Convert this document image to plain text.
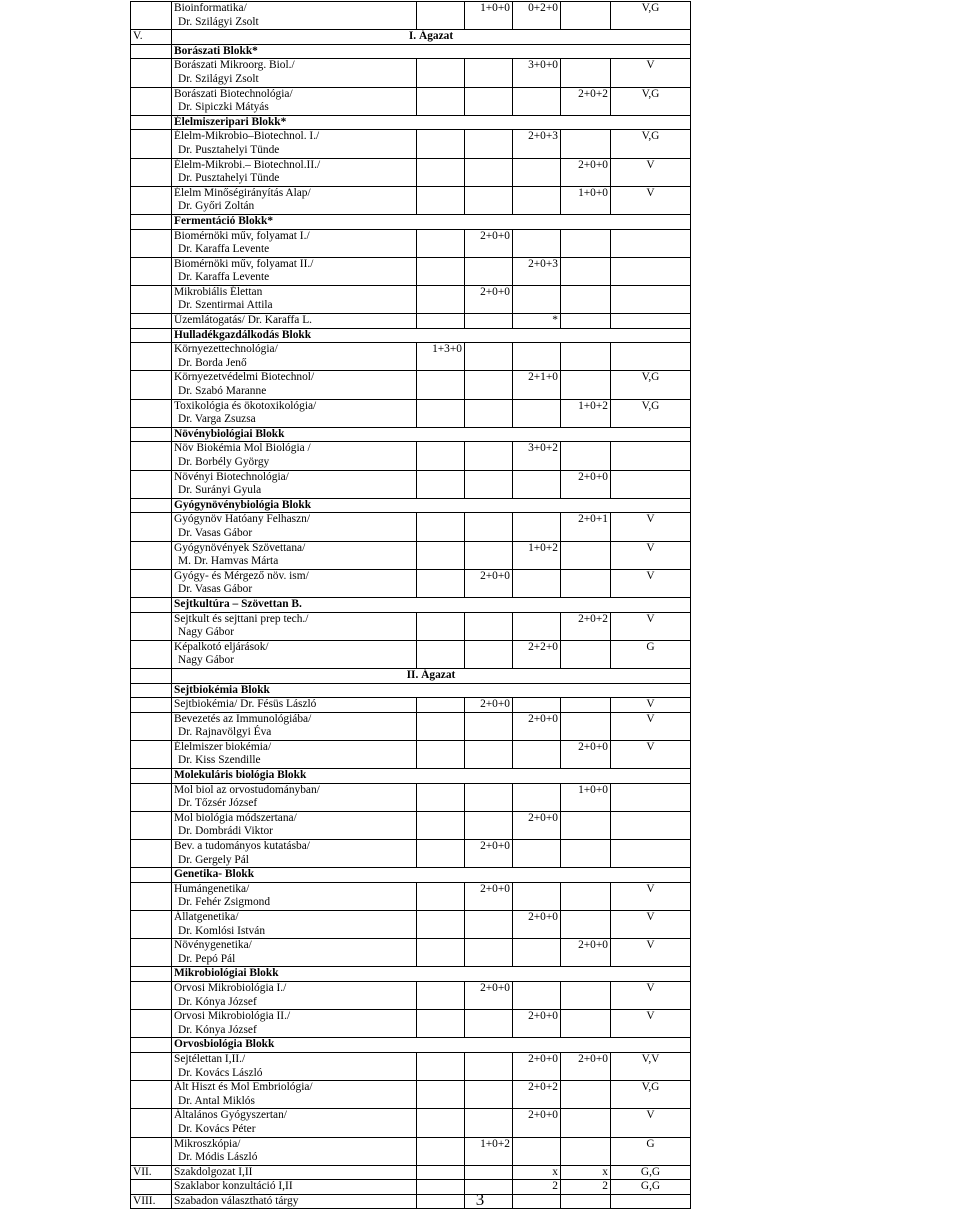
	Bioinformatika/
Dr. Szilágyi Zsolt		1+0+0	0+2+0		V,G	
V.	I. Ágazat						
	Borászati Blokk*						
	Borászati Mikroorg. Biol./
Dr. Szilágyi Zsolt			3+0+0		V	
	Borászati Biotechnológia/
Dr. Sipiczki Mátyás				2+0+2	V,G	
	Élelmiszeripari Blokk*						
	Élelm-Mikrobio–Biotechnol. I./
Dr. Pusztahelyi Tünde			2+0+3		V,G	
	Élelm-Mikrobi.– Biotechnol.II./
Dr. Pusztahelyi Tünde				2+0+0	V	
	Élelm Minőségirányítás Alap/
Dr. Győri Zoltán				1+0+0	V	
	Fermentáció Blokk*						
	Biomérnöki műv, folyamat I./
Dr. Karaffa Levente		2+0+0				
	Biomérnöki műv, folyamat II./
Dr. Karaffa Levente			2+0+3			
	Mikrobiális Élettan
Dr. Szentirmai Attila		2+0+0				
	Üzemlátogatás/ Dr. Karaffa L.			*			
	Hulladékgazdálkodás Blokk						
	Környezettechnológia/
Dr. Borda Jenő	1+3+0					
	Környezetvédelmi Biotechnol/
Dr. Szabó Maranne			2+1+0		V,G	
	Toxikológia és ökotoxikológia/
Dr. Varga Zsuzsa				1+0+2	V,G	
	Növénybiológiai Blokk						
	Növ Biokémia Mol Biológia /
Dr. Borbély György			3+0+2			
	Növényi Biotechnológia/
Dr. Surányi Gyula				2+0+0		
	Gyógynövénybiológia Blokk						
	Gyógynöv Hatóany Felhaszn/
Dr. Vasas Gábor				2+0+1	V	
	Gyógynövények Szövettana/
M. Dr. Hamvas Márta			1+0+2		V	
	Gyógy- és Mérgező növ. ism/
Dr. Vasas Gábor		2+0+0			V	
	Sejtkultúra – Szövettan B.						
	Sejtkult és sejttani prep tech./
Nagy Gábor				2+0+2	V	
	Képalkotó eljárások/
Nagy Gábor			2+2+0		G	
	II. Ágazat						
	Sejtbiokémia Blokk						
	Sejtbiokémia/ Dr. Fésüs László		2+0+0			V	
	Bevezetés az Immunológiába/
Dr. Rajnavölgyi Éva			2+0+0		V	
	Élelmiszer biokémia/
Dr. Kiss Szendille				2+0+0	V	
	Molekuláris biológia Blokk						
	Mol biol az orvostudományban/
Dr. Tőzsér József				1+0+0		
	Mol biológia módszertana/
Dr. Dombrádi Viktor			2+0+0			
	Bev. a tudományos kutatásba/
Dr. Gergely Pál		2+0+0				
	Genetika- Blokk						
	Humángenetika/
Dr. Fehér Zsigmond		2+0+0			V	
	Állatgenetika/
Dr. Komlósi István			2+0+0		V	
	Növénygenetika/
Dr. Pepó Pál				2+0+0	V	
	Mikrobiológiai Blokk						
	Orvosi Mikrobiológia I./
Dr. Kónya József		2+0+0			V	
	Orvosi Mikrobiológia II./
Dr. Kónya József			2+0+0		V	
	Orvosbiológia Blokk						
	Sejtélettan I,II./
Dr. Kovács László			2+0+0	2+0+0	V,V	
	Ált Hiszt és Mol Embriológia/
Dr. Antal Miklós			2+0+2		V,G	
	Általános Gyógyszertan/
Dr. Kovács Péter			2+0+0		V	
	Mikroszkópia/
Dr. Módis László		1+0+2			G	
VII.	Szakdolgozat I,II			x	x	G,G	
	Szaklabor konzultáció I,II			2	2	G,G	
VIII.	Szabadon választható tárgy							3
